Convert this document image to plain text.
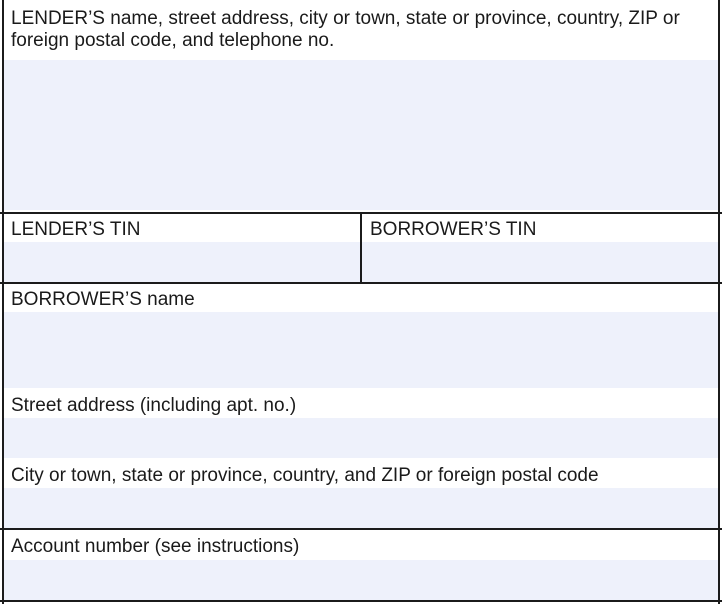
LENDER’S name, street address, city or town, state or province, country, ZIP or foreign postal code, and telephone no.
LENDER’S TIN	BORROWER’S TIN
BORROWER’S name
Street address (including apt. no.)
City or town, state or province, country, and ZIP or foreign postal code
Account number (see instructions)
